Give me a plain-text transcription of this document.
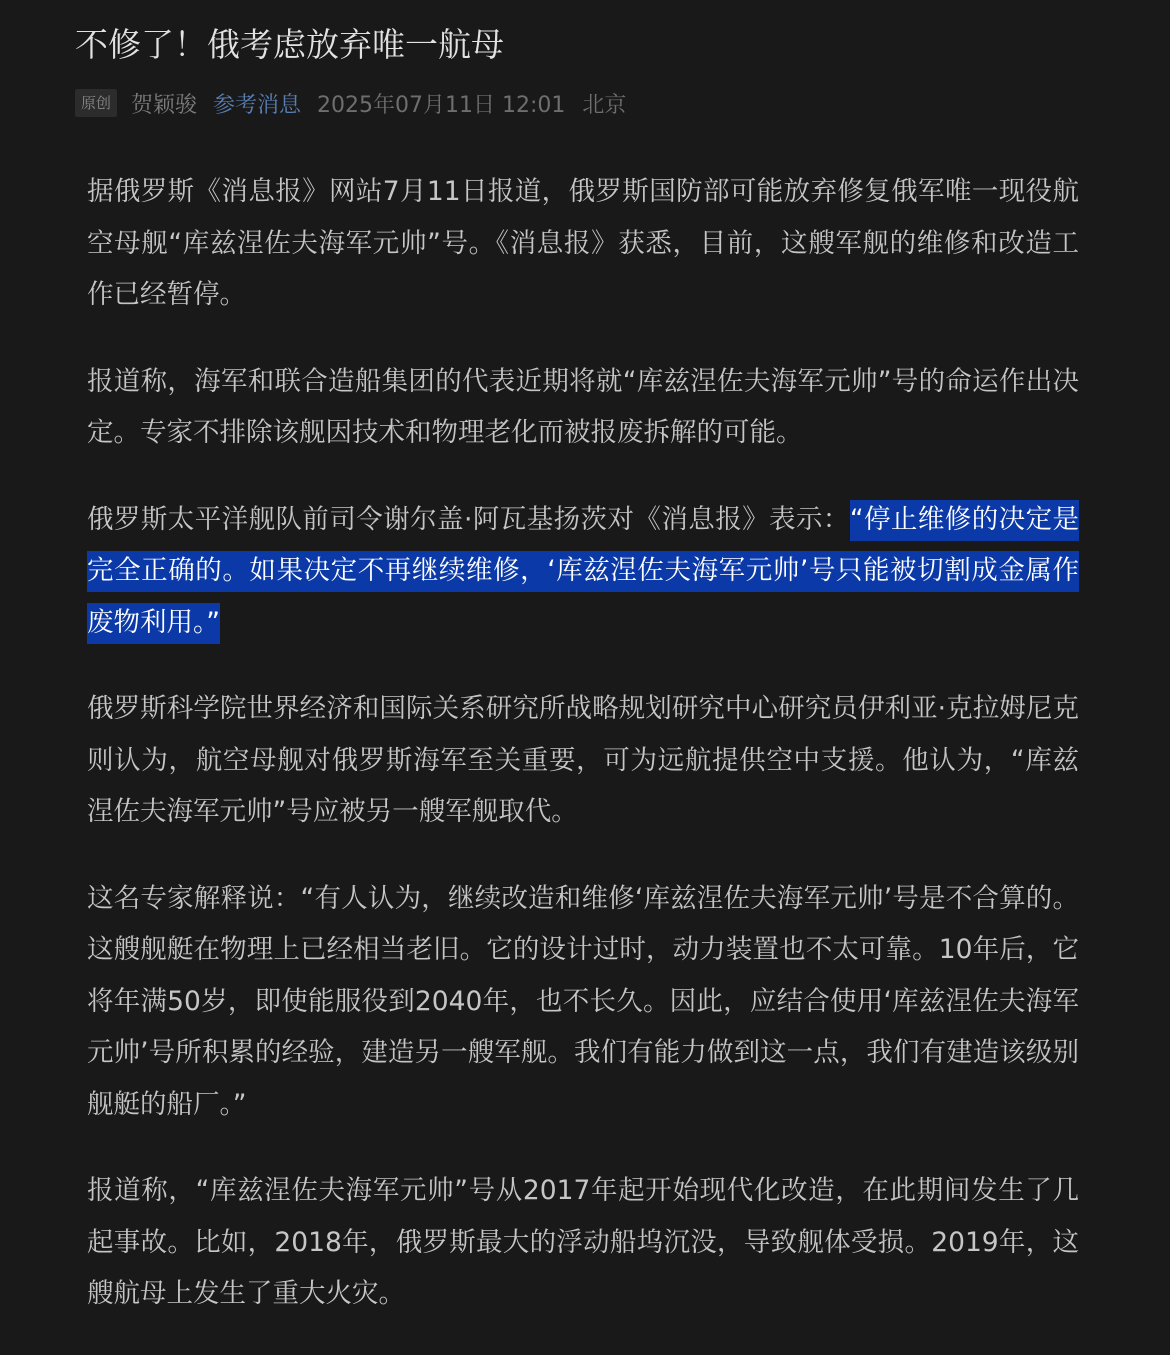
不修了！俄考虑放弃唯一航母
原创 贺颖骏 参考消息 2025年07月11日 12:01 北京

据俄罗斯《消息报》网站7月11日报道，俄罗斯国防部可能放弃修复俄军唯一现役航空母舰“库兹涅佐夫海军元帅”号。《消息报》获悉，目前，这艘军舰的维修和改造工作已经暂停。

报道称，海军和联合造船集团的代表近期将就“库兹涅佐夫海军元帅”号的命运作出决定。专家不排除该舰因技术和物理老化而被报废拆解的可能。

俄罗斯太平洋舰队前司令谢尔盖·阿瓦基扬茨对《消息报》表示：“停止维修的决定是完全正确的。如果决定不再继续维修，‘库兹涅佐夫海军元帅’号只能被切割成金属作废物利用。”

俄罗斯科学院世界经济和国际关系研究所战略规划研究中心研究员伊利亚·克拉姆尼克则认为，航空母舰对俄罗斯海军至关重要，可为远航提供空中支援。他认为，“库兹涅佐夫海军元帅”号应被另一艘军舰取代。

这名专家解释说：“有人认为，继续改造和维修‘库兹涅佐夫海军元帅’号是不合算的。这艘舰艇在物理上已经相当老旧。它的设计过时，动力装置也不太可靠。10年后，它将年满50岁，即使能服役到2040年，也不长久。因此，应结合使用‘库兹涅佐夫海军元帅’号所积累的经验，建造另一艘军舰。我们有能力做到这一点，我们有建造该级别舰艇的船厂。”

报道称，“库兹涅佐夫海军元帅”号从2017年起开始现代化改造，在此期间发生了几起事故。比如，2018年，俄罗斯最大的浮动船坞沉没，导致舰体受损。2019年，这艘航母上发生了重大火灾。
